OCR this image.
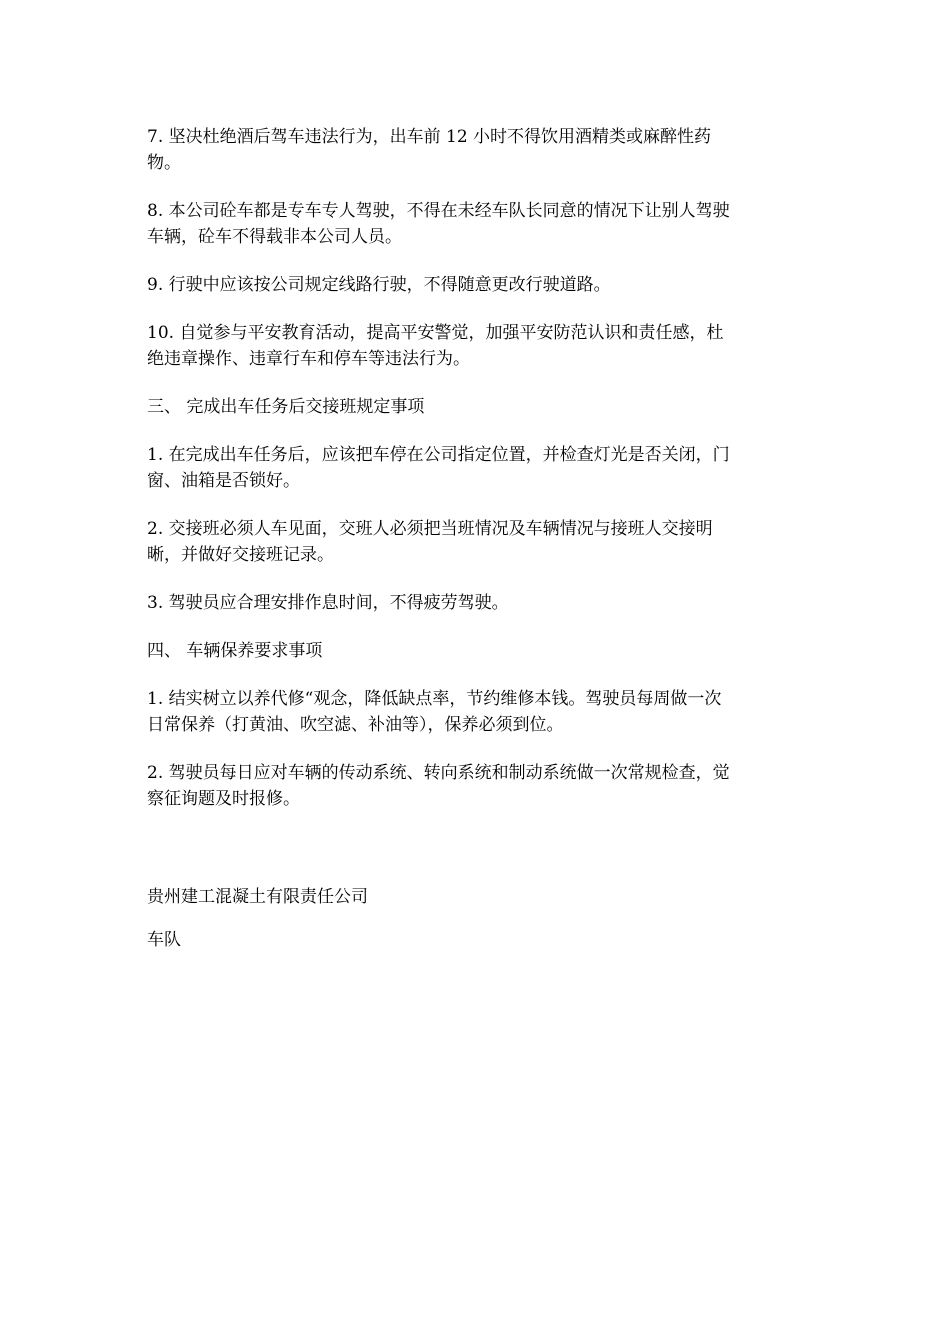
7. 坚决杜绝酒后驾车违法行为，出车前 12 小时不得饮用酒精类或麻醉性药
物。

8. 本公司砼车都是专车专人驾驶，不得在未经车队长同意的情况下让别人驾驶
车辆，砼车不得载非本公司人员。

9. 行驶中应该按公司规定线路行驶，不得随意更改行驶道路。

10. 自觉参与平安教育活动，提高平安警觉，加强平安防范认识和责任感，杜
绝违章操作、违章行车和停车等违法行为。

三、 完成出车任务后交接班规定事项

1. 在完成出车任务后，应该把车停在公司指定位置，并检查灯光是否关闭，门
窗、油箱是否锁好。

2. 交接班必须人车见面，交班人必须把当班情况及车辆情况与接班人交接明
晰，并做好交接班记录。

3. 驾驶员应合理安排作息时间，不得疲劳驾驶。

四、 车辆保养要求事项

1. 结实树立以养代修“观念，降低缺点率，节约维修本钱。驾驶员每周做一次
日常保养（打黄油、吹空滤、补油等），保养必须到位。

2. 驾驶员每日应对车辆的传动系统、转向系统和制动系统做一次常规检查，觉
察征询题及时报修。

贵州建工混凝土有限责任公司

车队
